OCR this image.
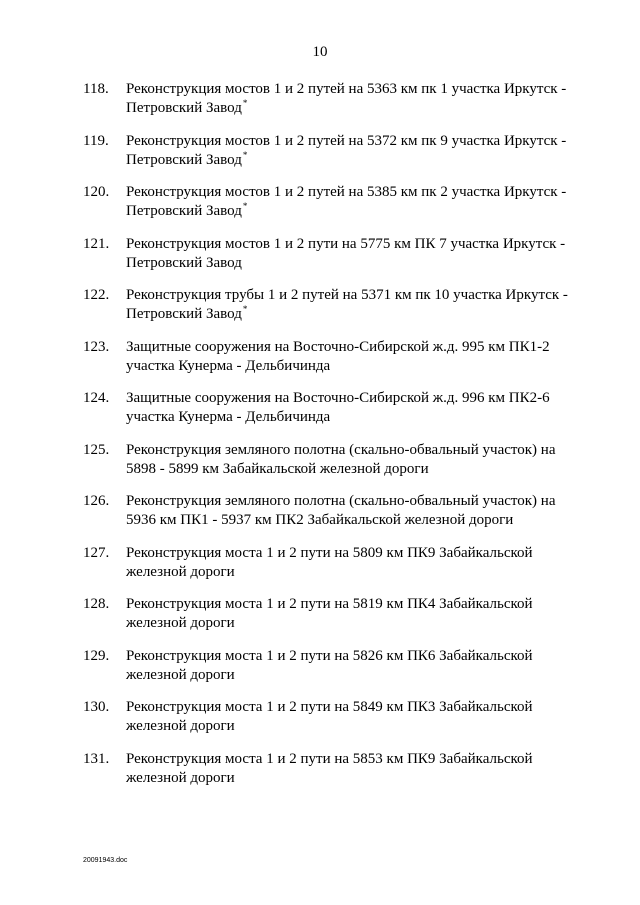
10
118.	Реконструкция мостов 1 и 2 путей на 5363 км пк 1 участка Иркутск - Петровский Завод*
119.	Реконструкция мостов 1 и 2 путей на 5372 км пк 9 участка Иркутск - Петровский Завод*
120.	Реконструкция мостов 1 и 2 путей на 5385 км пк 2 участка Иркутск - Петровский Завод*
121.	Реконструкция мостов 1 и 2 пути на 5775 км ПК 7 участка Иркутск - Петровский Завод
122.	Реконструкция трубы 1 и 2 путей на 5371 км пк 10 участка Иркутск - Петровский Завод*
123.	Защитные сооружения на Восточно-Сибирской ж.д. 995 км ПК1-2 участка Кунерма - Дельбичинда
124.	Защитные сооружения на Восточно-Сибирской ж.д. 996 км ПК2-6 участка Кунерма - Дельбичинда
125.	Реконструкция земляного полотна (скально-обвальный участок) на 5898 - 5899 км Забайкальской железной дороги
126.	Реконструкция земляного полотна (скально-обвальный участок) на 5936 км ПК1 - 5937 км ПК2 Забайкальской железной дороги
127.	Реконструкция моста 1 и 2 пути на 5809 км ПК9 Забайкальской железной дороги
128.	Реконструкция моста 1 и 2 пути на 5819 км ПК4 Забайкальской железной дороги
129.	Реконструкция моста 1 и 2 пути на 5826 км ПК6 Забайкальской железной дороги
130.	Реконструкция моста 1 и 2 пути на 5849 км ПК3 Забайкальской железной дороги
131.	Реконструкция моста 1 и 2 пути на 5853 км ПК9 Забайкальской железной дороги
20091943.doc
